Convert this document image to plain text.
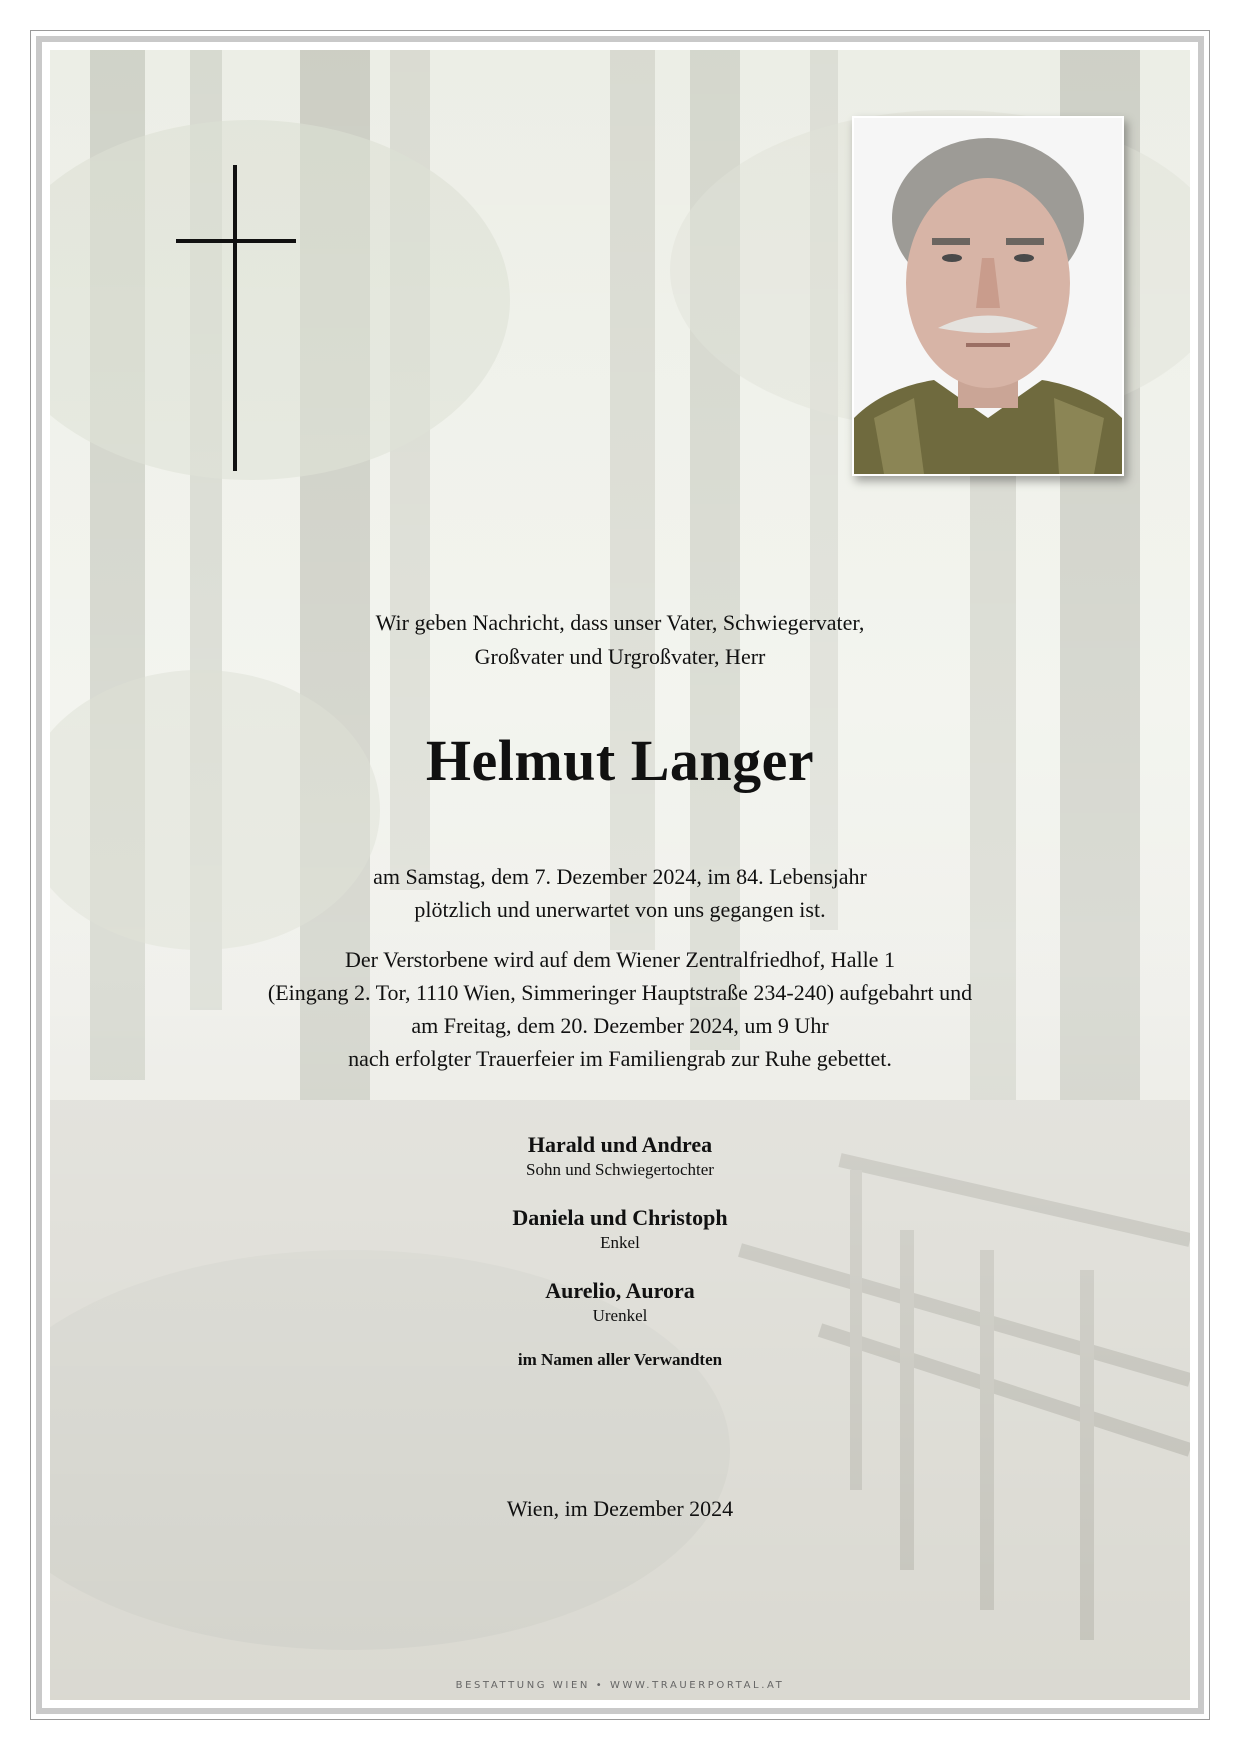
Wir geben Nachricht, dass unser Vater, Schwiegervater,
Großvater und Urgroßvater, Herr
Helmut Langer
am Samstag, dem 7. Dezember 2024, im 84. Lebensjahr
plötzlich und unerwartet von uns gegangen ist.
Der Verstorbene wird auf dem Wiener Zentralfriedhof, Halle 1
(Eingang 2. Tor, 1110 Wien, Simmeringer Hauptstraße 234-240) aufgebahrt und
am Freitag, dem 20. Dezember 2024, um 9 Uhr
nach erfolgter Trauerfeier im Familiengrab zur Ruhe gebettet.
Harald und Andrea
Sohn und Schwiegertochter
Daniela und Christoph
Enkel
Aurelio, Aurora
Urenkel
im Namen aller Verwandten
Wien, im Dezember 2024
BESTATTUNG WIEN • WWW.TRAUERPORTAL.AT
